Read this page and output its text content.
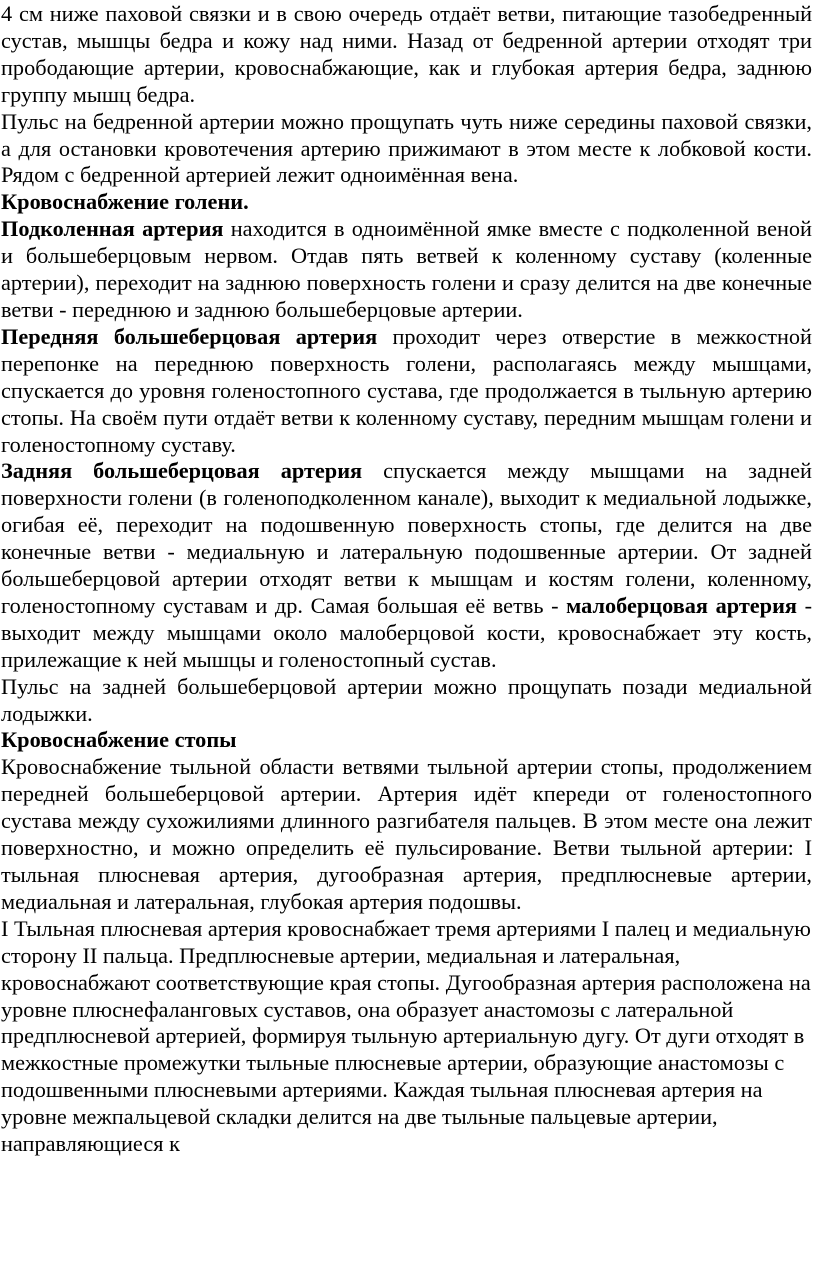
4 см ниже паховой связки и в свою очередь отдаёт ветви, питающие тазобедренный сустав, мышцы бедра и кожу над ними. Назад от бедренной артерии отходят три прободающие артерии, кровоснабжающие, как и глубокая артерия бедра, заднюю группу мышц бедра.

Пульс на бедренной артерии можно прощупать чуть ниже середины паховой связки, а для остановки кровотечения артерию прижимают в этом месте к лобковой кости. Рядом с бедренной артерией лежит одноимённая вена.

Кровоснабжение голени.

Подколенная артерия находится в одноимённой ямке вместе с подколенной веной и большеберцовым нервом. Отдав пять ветвей к коленному суставу (коленные артерии), переходит на заднюю поверхность голени и сразу делится на две конечные ветви - переднюю и заднюю большеберцовые артерии.

Передняя большеберцовая артерия проходит через отверстие в межкостной перепонке на переднюю поверхность голени, располагаясь между мышцами, спускается до уровня голеностопного сустава, где продолжается в тыльную артерию стопы. На своём пути отдаёт ветви к коленному суставу, передним мышцам голени и голеностопному суставу.

Задняя большеберцовая артерия спускается между мышцами на задней поверхности голени (в голеноподколенном канале), выходит к медиальной лодыжке, огибая её, переходит на подошвенную поверхность стопы, где делится на две конечные ветви - медиальную и латеральную подошвенные артерии. От задней большеберцовой артерии отходят ветви к мышцам и костям голени, коленному, голеностопному суставам и др. Самая большая её ветвь - малоберцовая артерия - выходит между мышцами около малоберцовой кости, кровоснабжает эту кость, прилежащие к ней мышцы и голеностопный сустав.

Пульс на задней большеберцовой артерии можно прощупать позади медиальной лодыжки.

Кровоснабжение стопы

Кровоснабжение тыльной области ветвями тыльной артерии стопы, продолжением передней большеберцовой артерии. Артерия идёт кпереди от голеностопного сустава между сухожилиями длинного разгибателя пальцев. В этом месте она лежит поверхностно, и можно определить её пульсирование. Ветви тыльной артерии: I тыльная плюсневая артерия, дугообразная артерия, предплюсневые артерии, медиальная и латеральная, глубокая артерия подошвы.

I Тыльная плюсневая артерия кровоснабжает тремя артериями I палец и медиальную сторону II пальца. Предплюсневые артерии, медиальная и латеральная, кровоснабжают соответствующие края стопы. Дугообразная артерия расположена на уровне плюснефаланговых суставов, она образует анастомозы с латеральной предплюсневой артерией, формируя тыльную артериальную дугу. От дуги отходят в межкостные промежутки тыльные плюсневые артерии, образующие анастомозы с подошвенными плюсневыми артериями. Каждая тыльная плюсневая артерия на уровне межпальцевой складки делится на две тыльные пальцевые артерии, направляющиеся к
